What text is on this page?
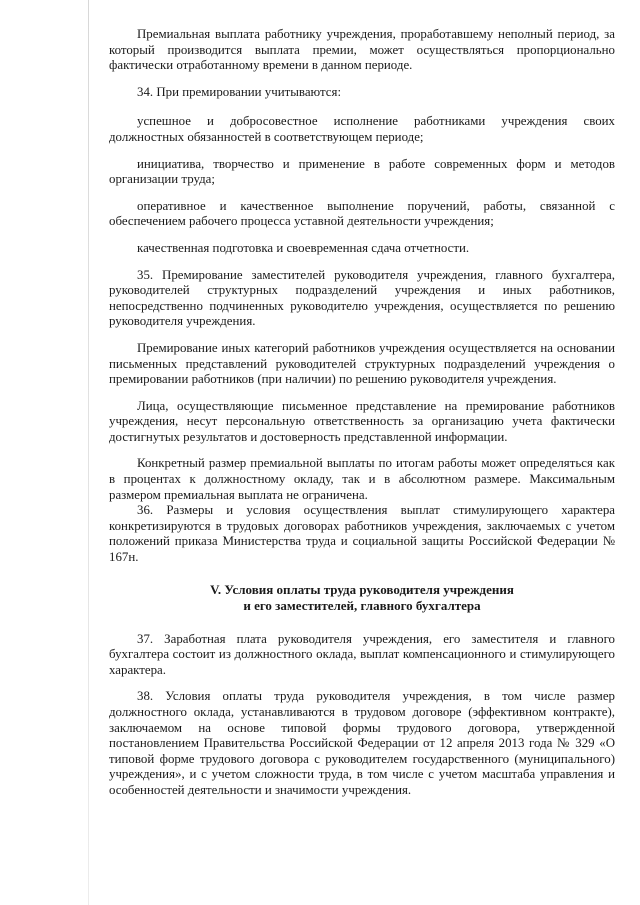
Премиальная выплата работнику учреждения, проработавшему неполный период, за который производится выплата премии, может осуществляться пропорционально фактически отработанному времени в данном периоде.

34. При премировании учитываются:

успешное и добросовестное исполнение работниками учреждения своих должностных обязанностей в соответствующем периоде;

инициатива, творчество и применение в работе современных форм и методов организации труда;

оперативное и качественное выполнение поручений, работы, связанной с обеспечением рабочего процесса уставной деятельности учреждения;

качественная подготовка и своевременная сдача отчетности.

35. Премирование заместителей руководителя учреждения, главного бухгалтера, руководителей структурных подразделений учреждения и иных работников, непосредственно подчиненных руководителю учреждения, осуществляется по решению руководителя учреждения.

Премирование иных категорий работников учреждения осуществляется на основании письменных представлений руководителей структурных подразделений учреждения о премировании работников (при наличии) по решению руководителя учреждения.

Лица, осуществляющие письменное представление на премирование работников учреждения, несут персональную ответственность за организацию учета фактически достигнутых результатов и достоверность представленной информации.

Конкретный размер премиальной выплаты по итогам работы может определяться как в процентах к должностному окладу, так и в абсолютном размере. Максимальным размером премиальная выплата не ограничена.

36. Размеры и условия осуществления выплат стимулирующего характера конкретизируются в трудовых договорах работников учреждения, заключаемых с учетом положений приказа Министерства труда и социальной защиты Российской Федерации № 167н.

V. Условия оплаты труда руководителя учреждения
и его заместителей, главного бухгалтера

37. Заработная плата руководителя учреждения, его заместителя и главного бухгалтера состоит из должностного оклада, выплат компенсационного и стимулирующего характера.

38. Условия оплаты труда руководителя учреждения, в том числе размер должностного оклада, устанавливаются в трудовом договоре (эффективном контракте), заключаемом на основе типовой формы трудового договора, утвержденной постановлением Правительства Российской Федерации от 12 апреля 2013 года № 329 «О типовой форме трудового договора с руководителем государственного (муниципального) учреждения», и с учетом сложности труда, в том числе с учетом масштаба управления и особенностей деятельности и значимости учреждения.
